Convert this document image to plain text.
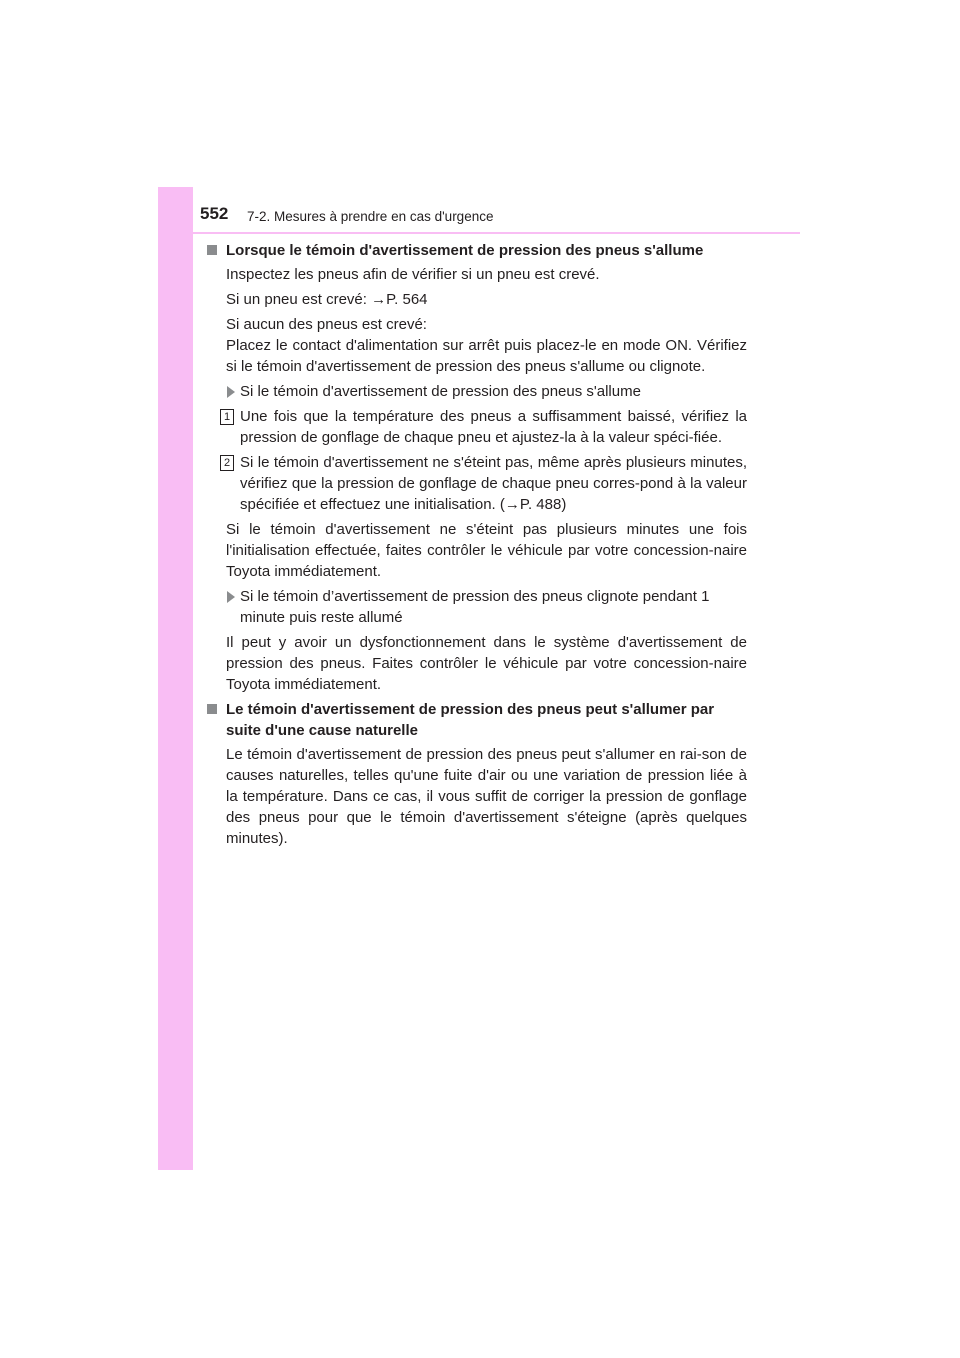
552 7-2. Mesures à prendre en cas d'urgence
Lorsque le témoin d'avertissement de pression des pneus s'allume

Inspectez les pneus afin de vérifier si un pneu est crevé.

Si un pneu est crevé: →P. 564

Si aucun des pneus est crevé:

Placez le contact d'alimentation sur arrêt puis placez-le en mode ON. Vérifiez si le témoin d'avertissement de pression des pneus s'allume ou clignote.

Si le témoin d'avertissement de pression des pneus s'allume
1 Une fois que la température des pneus a suffisamment baissé, vérifiez la pression de gonflage de chaque pneu et ajustez-la à la valeur spéci-fiée.
2 Si le témoin d'avertissement ne s'éteint pas, même après plusieurs minutes, vérifiez que la pression de gonflage de chaque pneu corres-pond à la valeur spécifiée et effectuez une initialisation. (→P. 488)

Si le témoin d'avertissement ne s'éteint pas plusieurs minutes une fois l'initialisation effectuée, faites contrôler le véhicule par votre concession-naire Toyota immédiatement.

Si le témoin d’avertissement de pression des pneus clignote pendant 1 minute puis reste allumé

Il peut y avoir un dysfonctionnement dans le système d'avertissement de pression des pneus. Faites contrôler le véhicule par votre concession-naire Toyota immédiatement.

Le témoin d'avertissement de pression des pneus peut s'allumer par suite d'une cause naturelle

Le témoin d'avertissement de pression des pneus peut s'allumer en rai-son de causes naturelles, telles qu'une fuite d'air ou une variation de pression liée à la température. Dans ce cas, il vous suffit de corriger la pression de gonflage des pneus pour que le témoin d'avertissement s'éteigne (après quelques minutes).
